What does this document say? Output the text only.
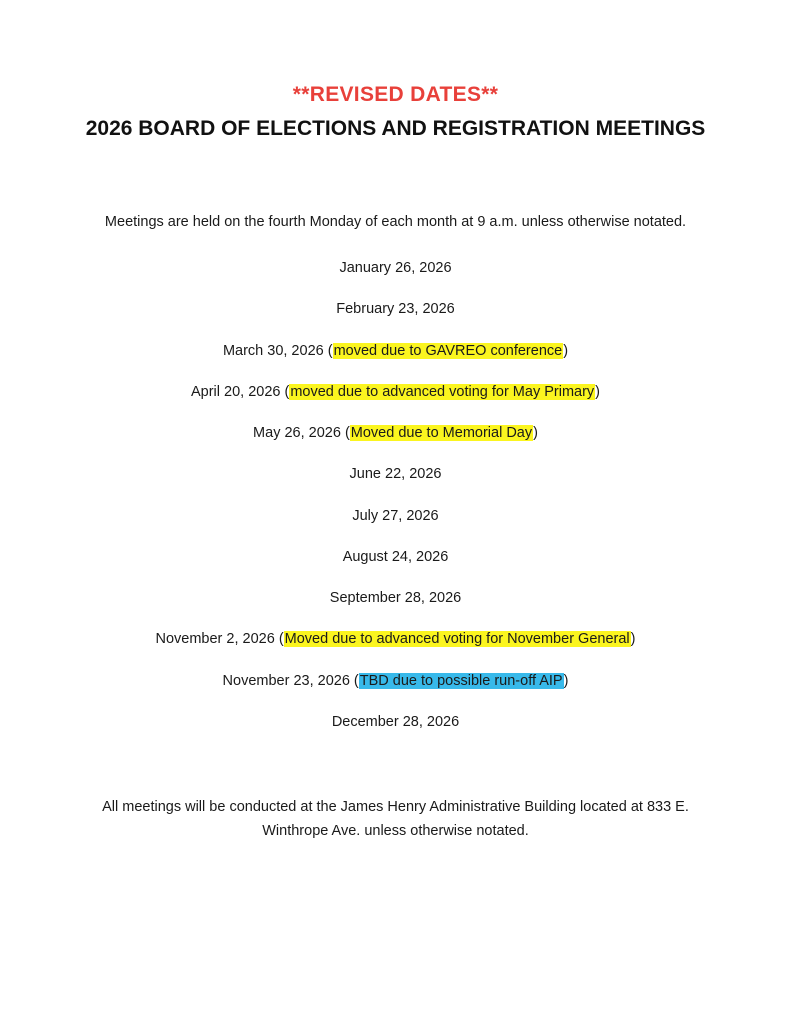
**REVISED DATES**
2026 BOARD OF ELECTIONS AND REGISTRATION MEETINGS
Meetings are held on the fourth Monday of each month at 9 a.m. unless otherwise notated.
January 26, 2026
February 23, 2026
March 30, 2026 (moved due to GAVREO conference)
April 20, 2026 (moved due to advanced voting for May Primary)
May 26, 2026 (Moved due to Memorial Day)
June 22, 2026
July 27, 2026
August 24, 2026
September 28, 2026
November 2, 2026 (Moved due to advanced voting for November General)
November 23, 2026 (TBD due to possible run-off AIP)
December 28, 2026
All meetings will be conducted at the James Henry Administrative Building located at 833 E.
Winthrope Ave. unless otherwise notated.
